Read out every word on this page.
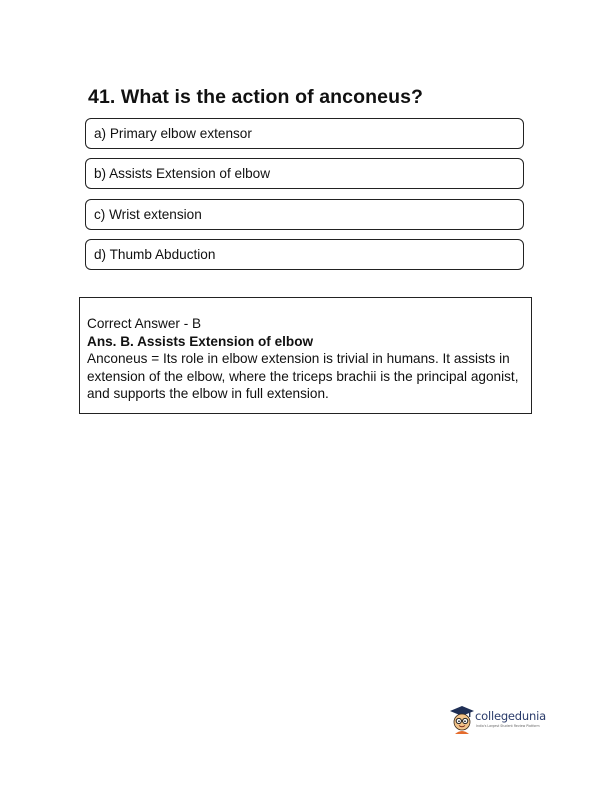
41. What is the action of anconeus?
a) Primary elbow extensor
b) Assists Extension of elbow
c) Wrist extension
d) Thumb Abduction
Correct Answer - B
Ans. B. Assists Extension of elbow
Anconeus = Its role in elbow extension is trivial in humans. It assists in extension of the elbow, where the triceps brachii is the principal agonist, and supports the elbow in full extension.
collegedunia
India's Largest Student Review Platform
